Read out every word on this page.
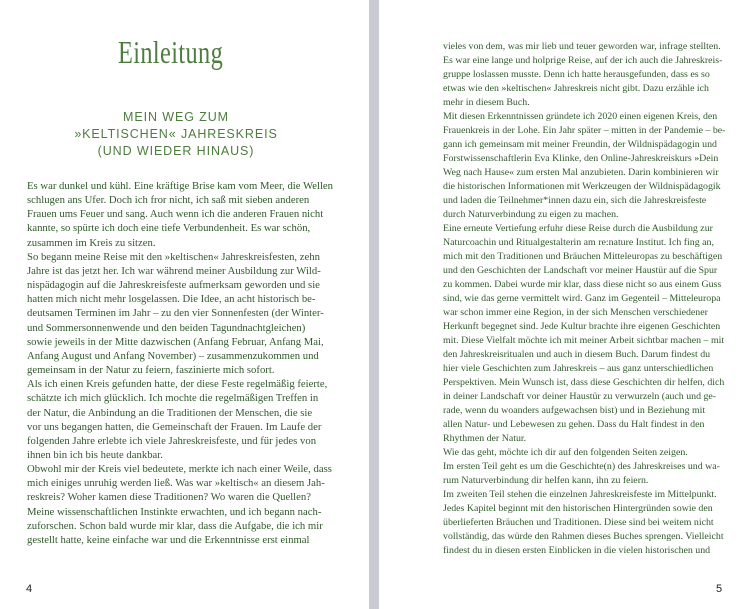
Einleitung
MEIN WEG ZUM
»KELTISCHEN« JAHRESKREIS
(UND WIEDER HINAUS)
Es war dunkel und kühl. Eine kräftige Brise kam vom Meer, die Wellen
schlugen ans Ufer. Doch ich fror nicht, ich saß mit sieben anderen
Frauen ums Feuer und sang. Auch wenn ich die anderen Frauen nicht
kannte, so spürte ich doch eine tiefe Verbundenheit. Es war schön,
zusammen im Kreis zu sitzen.
So begann meine Reise mit den »keltischen« Jahreskreisfesten, zehn
Jahre ist das jetzt her. Ich war während meiner Ausbildung zur Wild-
nispädagogin auf die Jahreskreisfeste aufmerksam geworden und sie
hatten mich nicht mehr losgelassen. Die Idee, an acht historisch be-
deutsamen Terminen im Jahr – zu den vier Sonnenfesten (der Winter-
und Sommersonnenwende und den beiden Tagundnachtgleichen)
sowie jeweils in der Mitte dazwischen (Anfang Februar, Anfang Mai,
Anfang August und Anfang November) – zusammenzukommen und
gemeinsam in der Natur zu feiern, faszinierte mich sofort.
Als ich einen Kreis gefunden hatte, der diese Feste regelmäßig feierte,
schätzte ich mich glücklich. Ich mochte die regelmäßigen Treffen in
der Natur, die Anbindung an die Traditionen der Menschen, die sie
vor uns begangen hatten, die Gemeinschaft der Frauen. Im Laufe der
folgenden Jahre erlebte ich viele Jahreskreisfeste, und für jedes von
ihnen bin ich bis heute dankbar.
Obwohl mir der Kreis viel bedeutete, merkte ich nach einer Weile, dass
mich einiges unruhig werden ließ. Was war »keltisch« an diesem Jah-
reskreis? Woher kamen diese Traditionen? Wo waren die Quellen?
Meine wissenschaftlichen Instinkte erwachten, und ich begann nach-
zuforschen. Schon bald wurde mir klar, dass die Aufgabe, die ich mir
gestellt hatte, keine einfache war und die Erkenntnisse erst einmal
4
vieles von dem, was mir lieb und teuer geworden war, infrage stellten.
Es war eine lange und holprige Reise, auf der ich auch die Jahreskreis-
gruppe loslassen musste. Denn ich hatte herausgefunden, dass es so
etwas wie den »keltischen« Jahreskreis nicht gibt. Dazu erzähle ich
mehr in diesem Buch.
Mit diesen Erkenntnissen gründete ich 2020 einen eigenen Kreis, den
Frauenkreis in der Lohe. Ein Jahr später – mitten in der Pandemie – be-
gann ich gemeinsam mit meiner Freundin, der Wildnispädagogin und
Forstwissenschaftlerin Eva Klinke, den Online-Jahreskreiskurs »Dein
Weg nach Hause« zum ersten Mal anzubieten. Darin kombinieren wir
die historischen Informationen mit Werkzeugen der Wildnispädagogik
und laden die Teilnehmer*innen dazu ein, sich die Jahreskreisfeste
durch Naturverbindung zu eigen zu machen.
Eine erneute Vertiefung erfuhr diese Reise durch die Ausbildung zur
Naturcoachin und Ritualgestalterin am re:nature Institut. Ich fing an,
mich mit den Traditionen und Bräuchen Mitteleuropas zu beschäftigen
und den Geschichten der Landschaft vor meiner Haustür auf die Spur
zu kommen. Dabei wurde mir klar, dass diese nicht so aus einem Guss
sind, wie das gerne vermittelt wird. Ganz im Gegenteil – Mitteleuropa
war schon immer eine Region, in der sich Menschen verschiedener
Herkunft begegnet sind. Jede Kultur brachte ihre eigenen Geschichten
mit. Diese Vielfalt möchte ich mit meiner Arbeit sichtbar machen – mit
den Jahreskreisritualen und auch in diesem Buch. Darum findest du
hier viele Geschichten zum Jahreskreis – aus ganz unterschiedlichen
Perspektiven. Mein Wunsch ist, dass diese Geschichten dir helfen, dich
in deiner Landschaft vor deiner Haustür zu verwurzeln (auch und ge-
rade, wenn du woanders aufgewachsen bist) und in Beziehung mit
allen Natur- und Lebewesen zu gehen. Dass du Halt findest in den
Rhythmen der Natur.
Wie das geht, möchte ich dir auf den folgenden Seiten zeigen.
Im ersten Teil geht es um die Geschichte(n) des Jahreskreises und wa-
rum Naturverbindung dir helfen kann, ihn zu feiern.
Im zweiten Teil stehen die einzelnen Jahreskreisfeste im Mittelpunkt.
Jedes Kapitel beginnt mit den historischen Hintergründen sowie den
überlieferten Bräuchen und Traditionen. Diese sind bei weitem nicht
vollständig, das würde den Rahmen dieses Buches sprengen. Vielleicht
findest du in diesen ersten Einblicken in die vielen historischen und
5
